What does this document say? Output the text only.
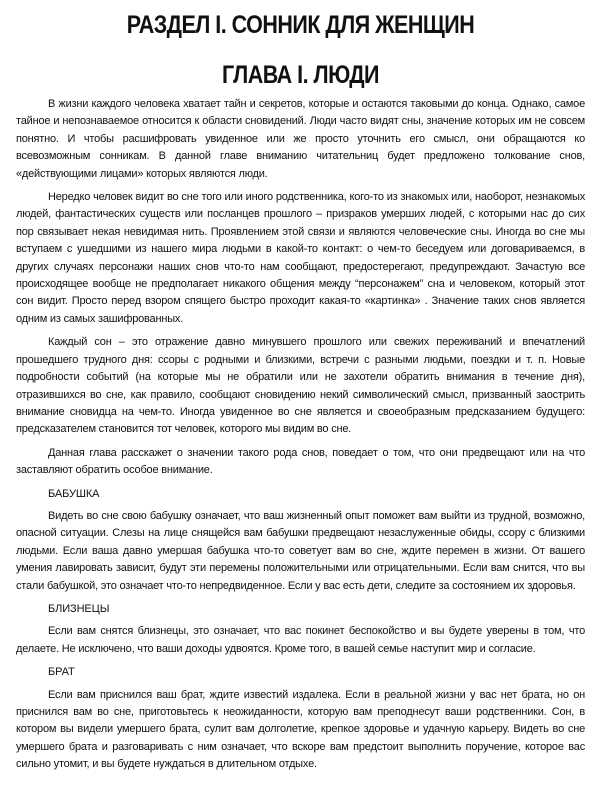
РАЗДЕЛ I. СОННИК ДЛЯ ЖЕНЩИН
ГЛАВА I. ЛЮДИ

В жизни каждого человека хватает тайн и секретов, которые и остаются таковыми до конца. Однако, самое тайное и непознаваемое относится к области сновидений. Люди часто видят сны, значение которых им не совсем понятно. И чтобы расшифровать увиденное или же просто уточнить его смысл, они обращаются ко всевозможным сонникам. В данной главе вниманию читательниц будет предложено толкование снов, «действующими лицами» которых являются люди.

Нередко человек видит во сне того или иного родственника, кого-то из знакомых или, наоборот, незнакомых людей, фантастических существ или посланцев прошлого – призраков умерших людей, с которыми нас до сих пор связывает некая невидимая нить. Проявлением этой связи и являются человеческие сны. Иногда во сне мы вступаем с ушедшими из нашего мира людьми в какой-то контакт: о чем-то беседуем или договариваемся, в других случаях персонажи наших снов что-то нам сообщают, предостерегают, предупреждают. Зачастую все происходящее вообще не предполагает никакого общения между “персонажем” сна и человеком, который этот сон видит. Просто перед взором спящего быстро проходит какая-то «картинка» . Значение таких снов является одним из самых зашифрованных.

Каждый сон – это отражение давно минувшего прошлого или свежих переживаний и впечатлений прошедшего трудного дня: ссоры с родными и близкими, встречи с разными людьми, поездки и т. п. Новые подробности событий (на которые мы не обратили или не захотели обратить внимания в течение дня), отразившихся во сне, как правило, сообщают сновидению некий символический смысл, призванный заострить внимание сновидца на чем-то. Иногда увиденное во сне является и своеобразным предсказанием будущего: предсказателем становится тот человек, которого мы видим во сне.

Данная глава расскажет о значении такого рода снов, поведает о том, что они предвещают или на что заставляют обратить особое внимание.

БАБУШКА

Видеть во сне свою бабушку означает, что ваш жизненный опыт поможет вам выйти из трудной, возможно, опасной ситуации. Слезы на лице снящейся вам бабушки предвещают незаслуженные обиды, ссору с близкими людьми. Если ваша давно умершая бабушка что-то советует вам во сне, ждите перемен в жизни. От вашего умения лавировать зависит, будут эти перемены положительными или отрицательными. Если вам снится, что вы стали бабушкой, это означает что-то непредвиденное. Если у вас есть дети, следите за состоянием их здоровья.

БЛИЗНЕЦЫ

Если вам снятся близнецы, это означает, что вас покинет беспокойство и вы будете уверены в том, что делаете. Не исключено, что ваши доходы удвоятся. Кроме того, в вашей семье наступит мир и согласие.

БРАТ

Если вам приснился ваш брат, ждите известий издалека. Если в реальной жизни у вас нет брата, но он приснился вам во сне, приготовьтесь к неожиданности, которую вам преподнесут ваши родственники. Сон, в котором вы видели умершего брата, сулит вам долголетие, крепкое здоровье и удачную карьеру. Видеть во сне умершего брата и разговаривать с ним означает, что вскоре вам предстоит выполнить поручение, которое вас сильно утомит, и вы будете нуждаться в длительном отдыхе.
